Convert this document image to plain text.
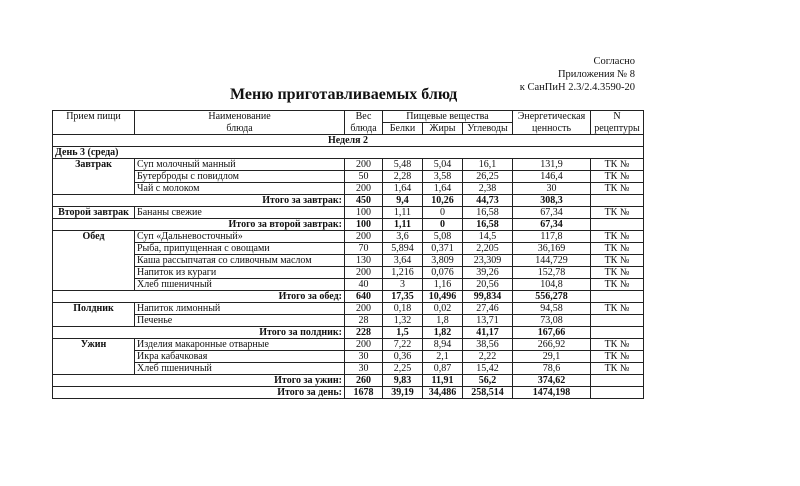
Согласно
Приложения № 8
к СанПиН 2.3/2.4.3590-20
Меню приготавливаемых блюд
Прием пищи	Наименование	Вес	Пищевые вещества			Энергетическая	N
	блюда	блюда	Белки	Жиры	Углеводы	ценность	рецептуры
Неделя 2							
День 3 (среда)							
Завтрак	Суп молочный манный	200	5,48	5,04	16,1	131,9	ТК №
	Бутерброды с повидлом	50	2,28	3,58	26,25	146,4	ТК №
	Чай с молоком	200	1,64	1,64	2,38	30	ТК №
Итого за завтрак:		450	9,4	10,26	44,73	308,3	
Второй завтрак	Бананы свежие	100	1,11	0	16,58	67,34	ТК №
Итого за второй завтрак:		100	1,11	0	16,58	67,34	
Обед	Суп «Дальневосточный»	200	3,6	5,08	14,5	117,8	ТК №
	Рыба, припущенная с овощами	70	5,894	0,371	2,205	36,169	ТК №
	Каша рассыпчатая со сливочным маслом	130	3,64	3,809	23,309	144,729	ТК №
	Напиток из кураги	200	1,216	0,076	39,26	152,78	ТК №
	Хлеб пшеничный	40	3	1,16	20,56	104,8	ТК №
Итого за обед:		640	17,35	10,496	99,834	556,278	
Полдник	Напиток лимонный	200	0,18	0,02	27,46	94,58	ТК №
	Печенье	28	1,32	1,8	13,71	73,08	
Итого за полдник:		228	1,5	1,82	41,17	167,66	
Ужин	Изделия макаронные отварные	200	7,22	8,94	38,56	266,92	ТК №
	Икра кабачковая	30	0,36	2,1	2,22	29,1	ТК №
	Хлеб пшеничный	30	2,25	0,87	15,42	78,6	ТК №
Итого за ужин:		260	9,83	11,91	56,2	374,62	
Итого за день:		1678	39,19	34,486	258,514	1474,198	
